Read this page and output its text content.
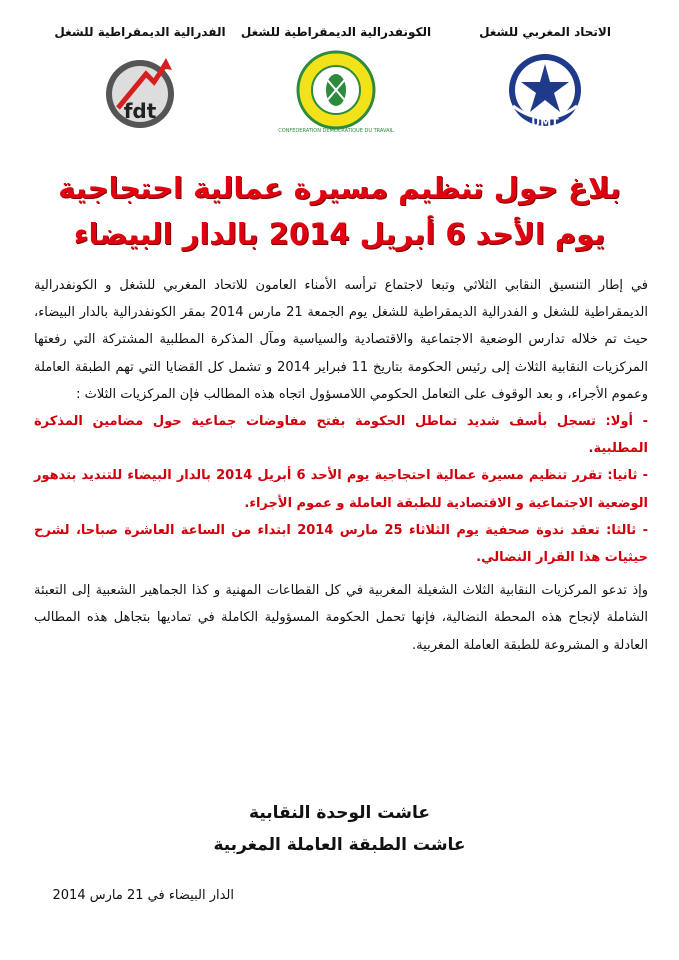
الاتحاد المغربي للشغل
UMT
الكونفدرالية الديمقراطية للشغل
CONFEDERATION DEMOCRATIQUE DU TRAVAIL
الفدرالية الديمقراطية للشغل
fdt
بلاغ حول تنظيم مسيرة عمالية احتجاجية
يوم الأحد 6 أبريل 2014 بالدار البيضاء

في إطار التنسيق النقابي الثلاثي وتبعا لاجتماع ترأسه الأمناء العامون للاتحاد المغربي للشغل و الكونفدرالية الديمقراطية للشغل و الفدرالية الديمقراطية للشغل يوم الجمعة 21 مارس 2014 بمقر الكونفدرالية بالدار البيضاء، حيث تم خلاله تدارس الوضعية الاجتماعية والاقتصادية والسياسية ومآل المذكرة المطلبية المشتركة التي رفعتها المركزيات النقابية الثلاث إلى رئيس الحكومة بتاريخ 11 فبراير 2014 و تشمل كل القضايا التي تهم الطبقة العاملة وعموم الأجراء، و بعد الوقوف على التعامل الحكومي اللامسؤول اتجاه هذه المطالب فإن المركزيات الثلاث :

- أولا: تسجل بأسف شديد تماطل الحكومة بفتح مفاوضات جماعية حول مضامين المذكرة المطلبية.

- ثانيا: تقرر تنظيم مسيرة عمالية احتجاجية يوم الأحد 6 أبريل 2014 بالدار البيضاء للتنديد بتدهور الوضعية الاجتماعية و الاقتصادية للطبقة العاملة و عموم الأجراء.

- ثالثا: تعقد ندوة صحفية يوم الثلاثاء 25 مارس 2014 ابتداء من الساعة العاشرة صباحا، لشرح حيثيات هذا القرار النضالي.

وإذ تدعو المركزيات النقابية الثلاث الشغيلة المغربية في كل القطاعات المهنية و كذا الجماهير الشعبية إلى التعبئة الشاملة لإنجاح هذه المحطة النضالية، فإنها تحمل الحكومة المسؤولية الكاملة في تماديها بتجاهل هذه المطالب العادلة و المشروعة للطبقة العاملة المغربية.

عاشت الوحدة النقابية
عاشت الطبقة العاملة المغربية
الدار البيضاء في 21 مارس 2014
